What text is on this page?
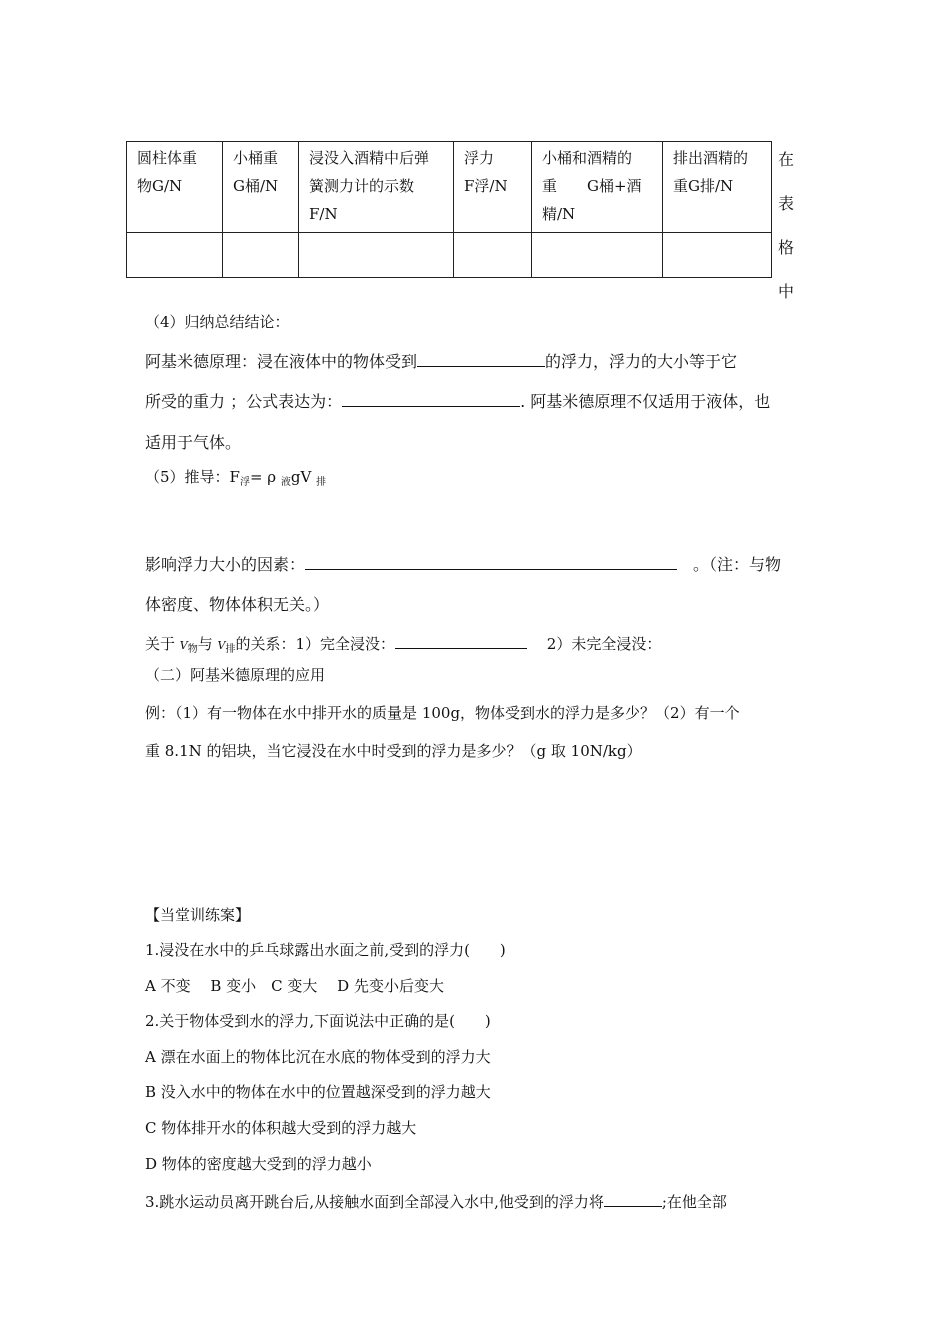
圆柱体重
物G/N	小桶重
G桶/N	浸没入酒精中后弹
簧测力计的示数
F/N	浮力
F浮/N	小桶和酒精的
重　　G桶+酒
精/N	排出酒精的
重G排/N

在
表
格
中
（4）归纳总结结论：
阿基米德原理：浸在液体中的物体受到	的浮力，浮力的大小等于它
所受的重力 ；公式表达为：	. 阿基米德原理不仅适用于液体，也
适用于气体。
（5）推导：$F_浮= \rho$ $_液$gV $_排$
影响浮力大小的因素：　	。（注：与物
体密度、物体体积无关。）
关于 $V_物$与 $V_排$的关系：1）完全浸没：　	2）未完全浸没：
（二）阿基米德原理的应用
例：（1）有一物体在水中排开水的质量是 100g，物体受到水的浮力是多少？（2）有一个
重 8.1N 的铝块，当它浸没在水中时受到的浮力是多少？（g 取 10N/kg）
【当堂训练案】
1.浸没在水中的乒乓球露出水面之前,受到的浮力(　　)
A 不变　 B 变小　C 变大　 D 先变小后变大
2.关于物体受到水的浮力,下面说法中正确的是(　　)
A 漂在水面上的物体比沉在水底的物体受到的浮力大
B 没入水中的物体在水中的位置越深受到的浮力越大
C 物体排开水的体积越大受到的浮力越大
D 物体的密度越大受到的浮力越小
3.跳水运动员离开跳台后,从接触水面到全部浸入水中,他受到的浮力将	;在他全部
